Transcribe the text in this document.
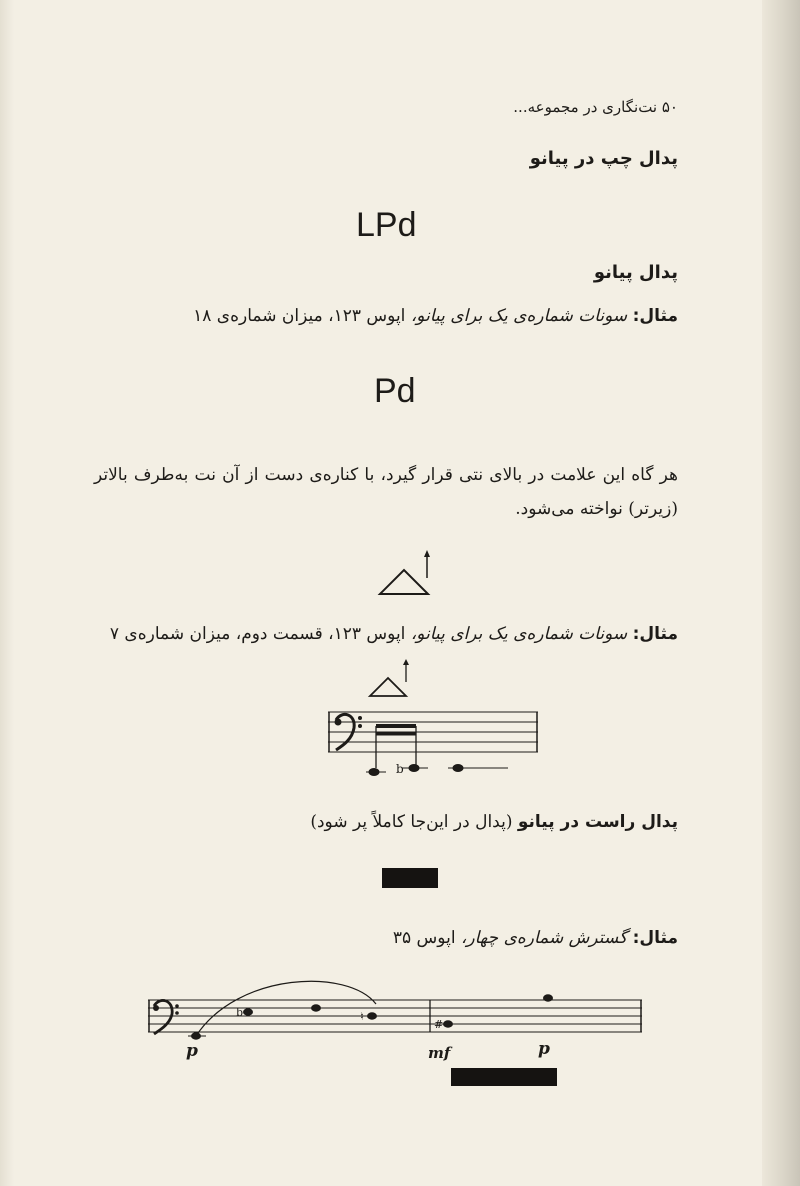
۵۰ نت‌نگاری در مجموعه...
پدال چپ در پیانو
LPd
پدال پیانو
مثال: سونات شماره‌ی یک برای پیانو، اپوس ۱۲۳، میزان شماره‌ی ۱۸
Pd
هر گاه این علامت در بالای نتی قرار گیرد، با کناره‌ی دست از آن نت به‌طرف بالاتر (زیرتر) نواخته می‌شود.
مثال: سونات شماره‌ی یک برای پیانو، اپوس ۱۲۳، قسمت دوم، میزان شماره‌ی ۷
b
پدال راست در پیانو (پدال در این‌جا کاملاً پر شود)
مثال: گسترش شماره‌ی چهار، اپوس ۳۵
b	♮
#
p	mf	p
